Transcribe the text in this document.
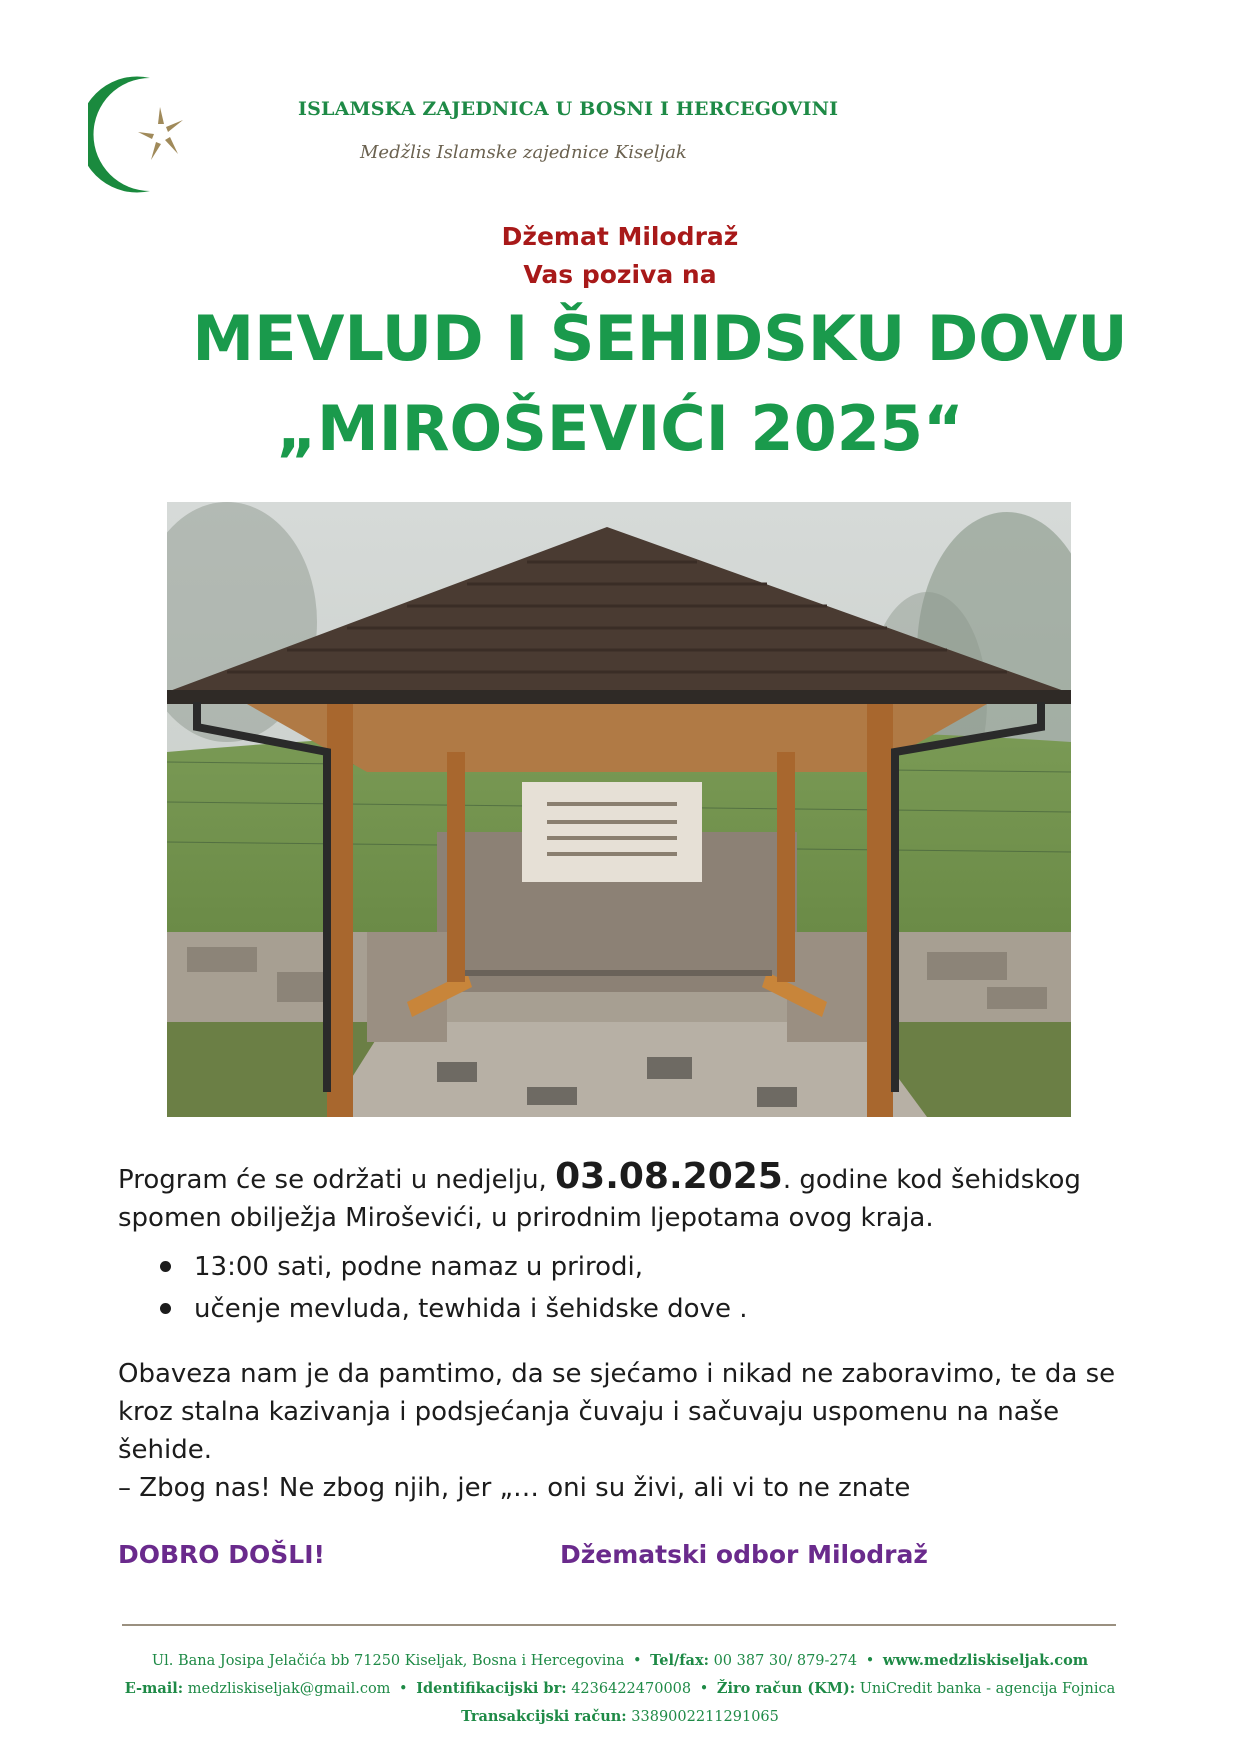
ISLAMSKA ZAJEDNICA U BOSNI I HERCEGOVINI
Medžlis Islamske zajednice Kiseljak
Džemat Milodraž
Vas poziva na
MEVLUD I ŠEHIDSKU DOVU
„MIROŠEVIĆI 2025“
Program će se održati u nedjelju, 03.08.2025. godine kod šehidskog spomen obilježja Miroševići, u prirodnim ljepotama ovog kraja.
13:00 sati, podne namaz u prirodi,
učenje mevluda, tewhida i šehidske dove .
Obaveza nam je da pamtimo, da se sjećamo i nikad ne zaboravimo, te da se kroz stalna kazivanja i podsjećanja čuvaju i sačuvaju uspomenu na naše šehide.
– Zbog nas! Ne zbog njih, jer „… oni su živi, ali vi to ne znate
DOBRO DOŠLI!	Džematski odbor Milodraž
Ul. Bana Josipa Jelačića bb 71250 Kiseljak, Bosna i Hercegovina • Tel/fax: 00 387 30/ 879-274 • www.medzliskiseljak.com
E-mail: medzliskiseljak@gmail.com • Identifikacijski br: 4236422470008 • Žiro račun (KM): UniCredit banka - agencija Fojnica
Transakcijski račun: 3389002211291065
